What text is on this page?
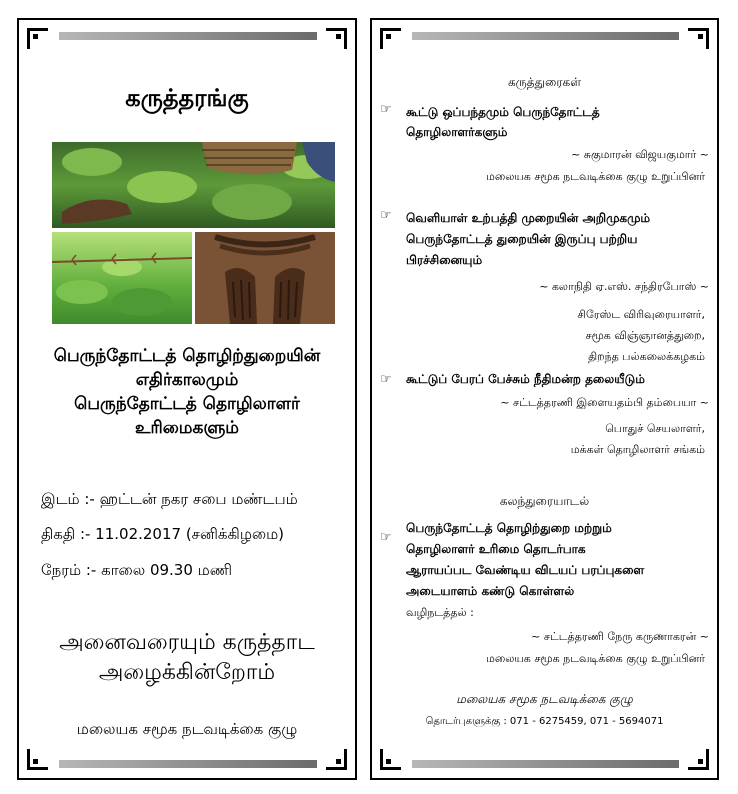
கருத்தரங்கு
பெருந்தோட்டத் தொழிற்துறையின்
எதிர்காலமும்
பெருந்தோட்டத் தொழிலாளர்
உரிமைகளும்
இடம் :- ஹட்டன் நகர சபை மண்டபம்
திகதி :- 11.02.2017 (சனிக்கிழமை)
நேரம் :- காலை 09.30 மணி
அனைவரையும் கருத்தாட
அழைக்கின்றோம்
மலையக சமூக நடவடிக்கை குழு
கருத்துரைகள்
☞ கூட்டு ஒப்பந்தமும் பெருந்தோட்டத்
தொழிலாளர்களும்
~ சுகுமாரன் விஜயகுமார் ~
மலையக சமூக நடவடிக்கை குழு உறுப்பினர்
☞ வெளியாள் உற்பத்தி முறையின் அறிமுகமும்
பெருந்தோட்டத் துறையின் இருப்பு பற்றிய
பிரச்சினையும்
~ கலாநிதி ஏ.எஸ். சந்திரபோஸ் ~
சிரேஸ்ட விரிவுரையாளர்,
சமூக விஞ்ஞானத்துறை,
திறந்த பல்கலைக்கழகம்
☞ கூட்டுப் பேரப் பேச்சும் நீதிமன்ற தலையீடும்
~ சட்டத்தரணி இளையதம்பி தம்பையா ~
பொதுச் செயலாளர்,
மக்கள் தொழிலாளர் சங்கம்
கலந்துரையாடல்
☞
பெருந்தோட்டத் தொழிற்துறை மற்றும்
தொழிலாளர் உரிமை தொடர்பாக
ஆராயப்பட வேண்டிய விடயப் பரப்புகளை
அடையாளம் கண்டு கொள்ளல்
வழிநடத்தல் :
~ சட்டத்தரணி நேரு கருணாகரன் ~
மலையக சமூக நடவடிக்கை குழு உறுப்பினர்
மலையக சமூக நடவடிக்கை குழு
தொடர்புகளுக்கு : 071 - 6275459, 071 - 5694071
